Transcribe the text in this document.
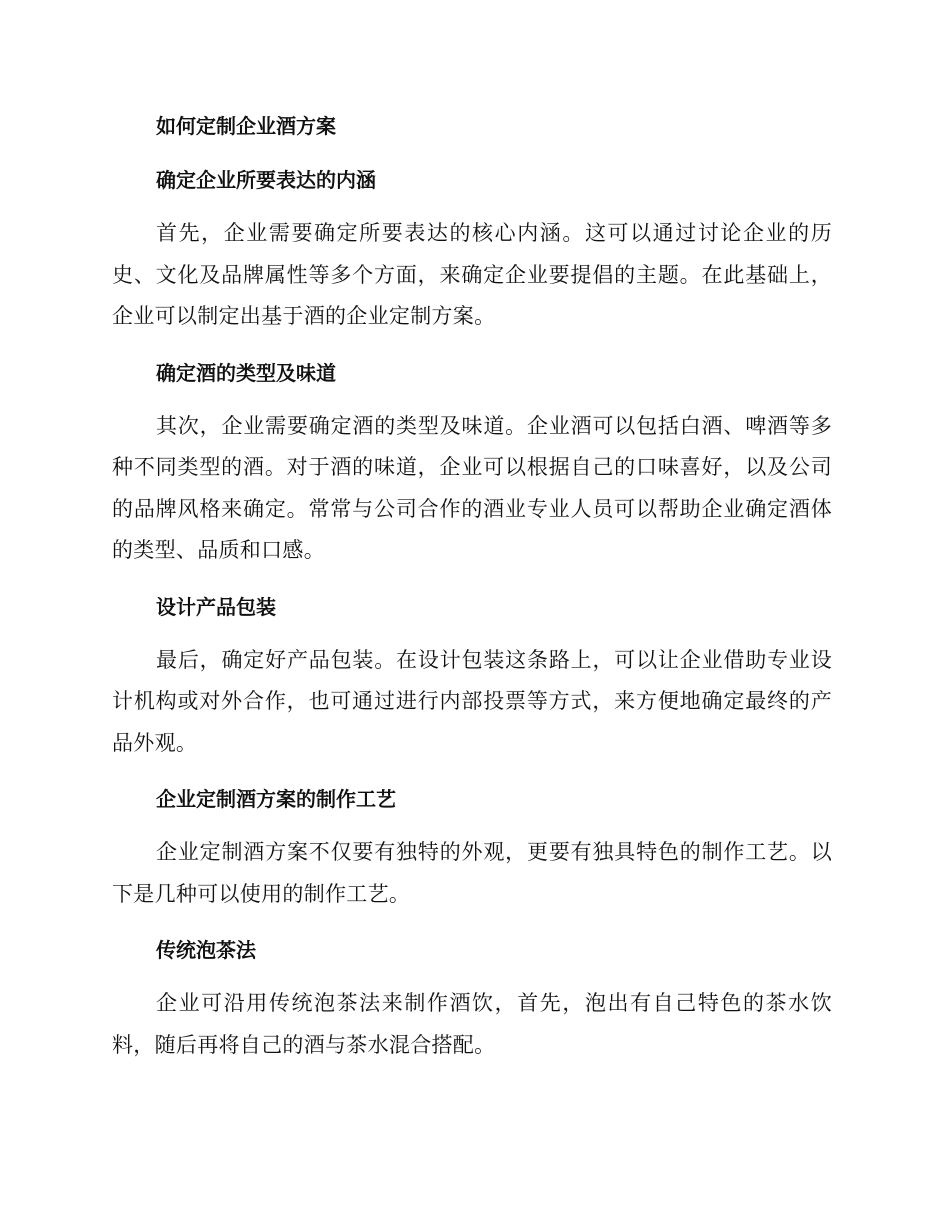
如何定制企业酒方案
确定企业所要表达的内涵

首先，企业需要确定所要表达的核心内涵。这可以通过讨论企业的历史、文化及品牌属性等多个方面，来确定企业要提倡的主题。在此基础上，企业可以制定出基于酒的企业定制方案。

确定酒的类型及味道

其次，企业需要确定酒的类型及味道。企业酒可以包括白酒、啤酒等多种不同类型的酒。对于酒的味道，企业可以根据自己的口味喜好，以及公司的品牌风格来确定。常常与公司合作的酒业专业人员可以帮助企业确定酒体的类型、品质和口感。

设计产品包装

最后，确定好产品包装。在设计包装这条路上，可以让企业借助专业设计机构或对外合作，也可通过进行内部投票等方式，来方便地确定最终的产品外观。

企业定制酒方案的制作工艺

企业定制酒方案不仅要有独特的外观，更要有独具特色的制作工艺。以下是几种可以使用的制作工艺。

传统泡茶法

企业可沿用传统泡茶法来制作酒饮，首先，泡出有自己特色的茶水饮料，随后再将自己的酒与茶水混合搭配。
